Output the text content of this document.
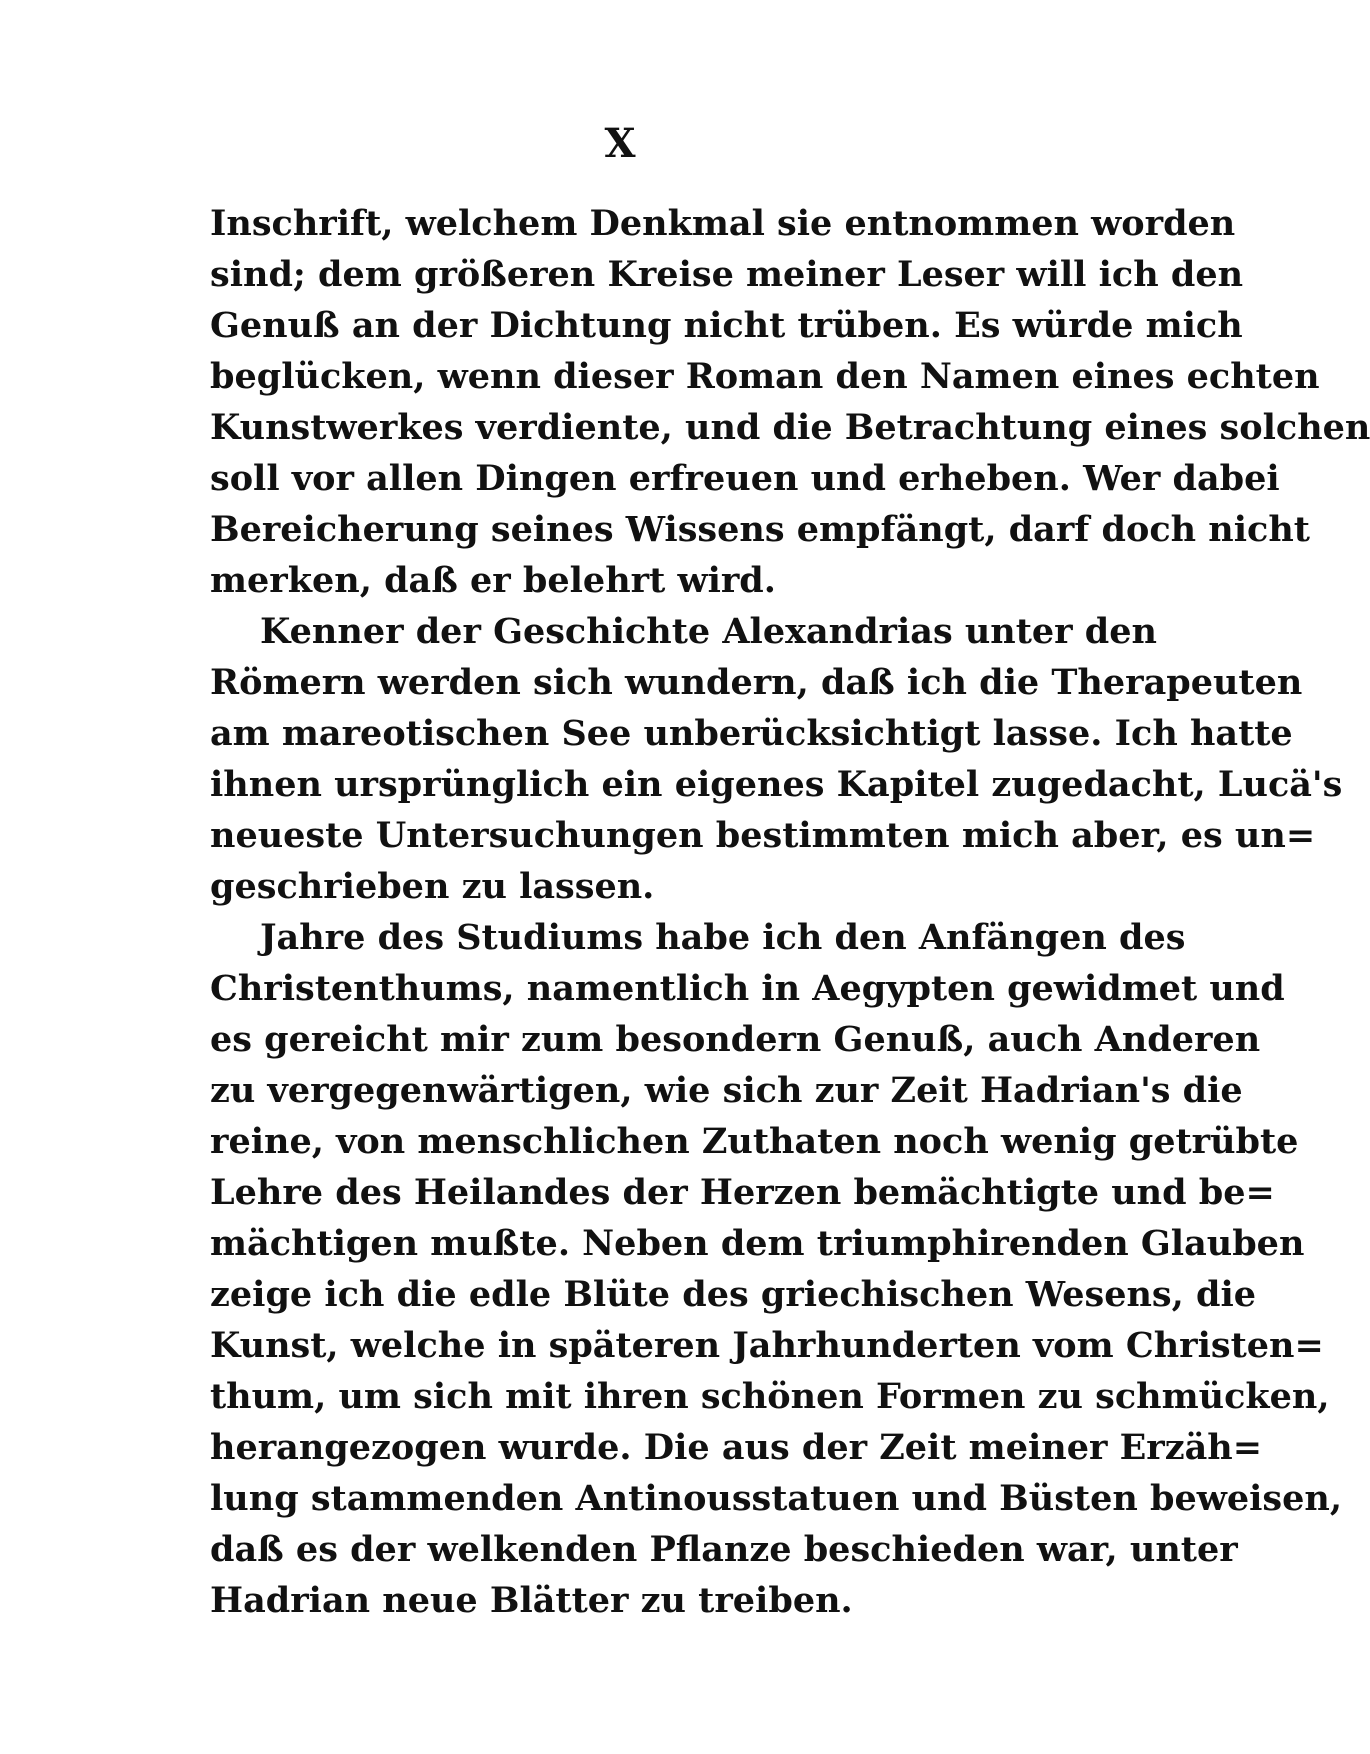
X
Inschrift, welchem Denkmal sie entnommen worden
sind; dem größeren Kreise meiner Leser will ich den
Genuß an der Dichtung nicht trüben. Es würde mich
beglücken, wenn dieser Roman den Namen eines echten
Kunstwerkes verdiente, und die Betrachtung eines solchen
soll vor allen Dingen erfreuen und erheben. Wer dabei
Bereicherung seines Wissens empfängt, darf doch nicht
merken, daß er belehrt wird.
Kenner der Geschichte Alexandrias unter den
Römern werden sich wundern, daß ich die Therapeuten
am mareotischen See unberücksichtigt lasse. Ich hatte
ihnen ursprünglich ein eigenes Kapitel zugedacht, Lucä's
neueste Untersuchungen bestimmten mich aber, es un=
geschrieben zu lassen.
Jahre des Studiums habe ich den Anfängen des
Christenthums, namentlich in Aegypten gewidmet und
es gereicht mir zum besondern Genuß, auch Anderen
zu vergegenwärtigen, wie sich zur Zeit Hadrian's die
reine, von menschlichen Zuthaten noch wenig getrübte
Lehre des Heilandes der Herzen bemächtigte und be=
mächtigen mußte. Neben dem triumphirenden Glauben
zeige ich die edle Blüte des griechischen Wesens, die
Kunst, welche in späteren Jahrhunderten vom Christen=
thum, um sich mit ihren schönen Formen zu schmücken,
herangezogen wurde. Die aus der Zeit meiner Erzäh=
lung stammenden Antinousstatuen und Büsten beweisen,
daß es der welkenden Pflanze beschieden war, unter
Hadrian neue Blätter zu treiben.
